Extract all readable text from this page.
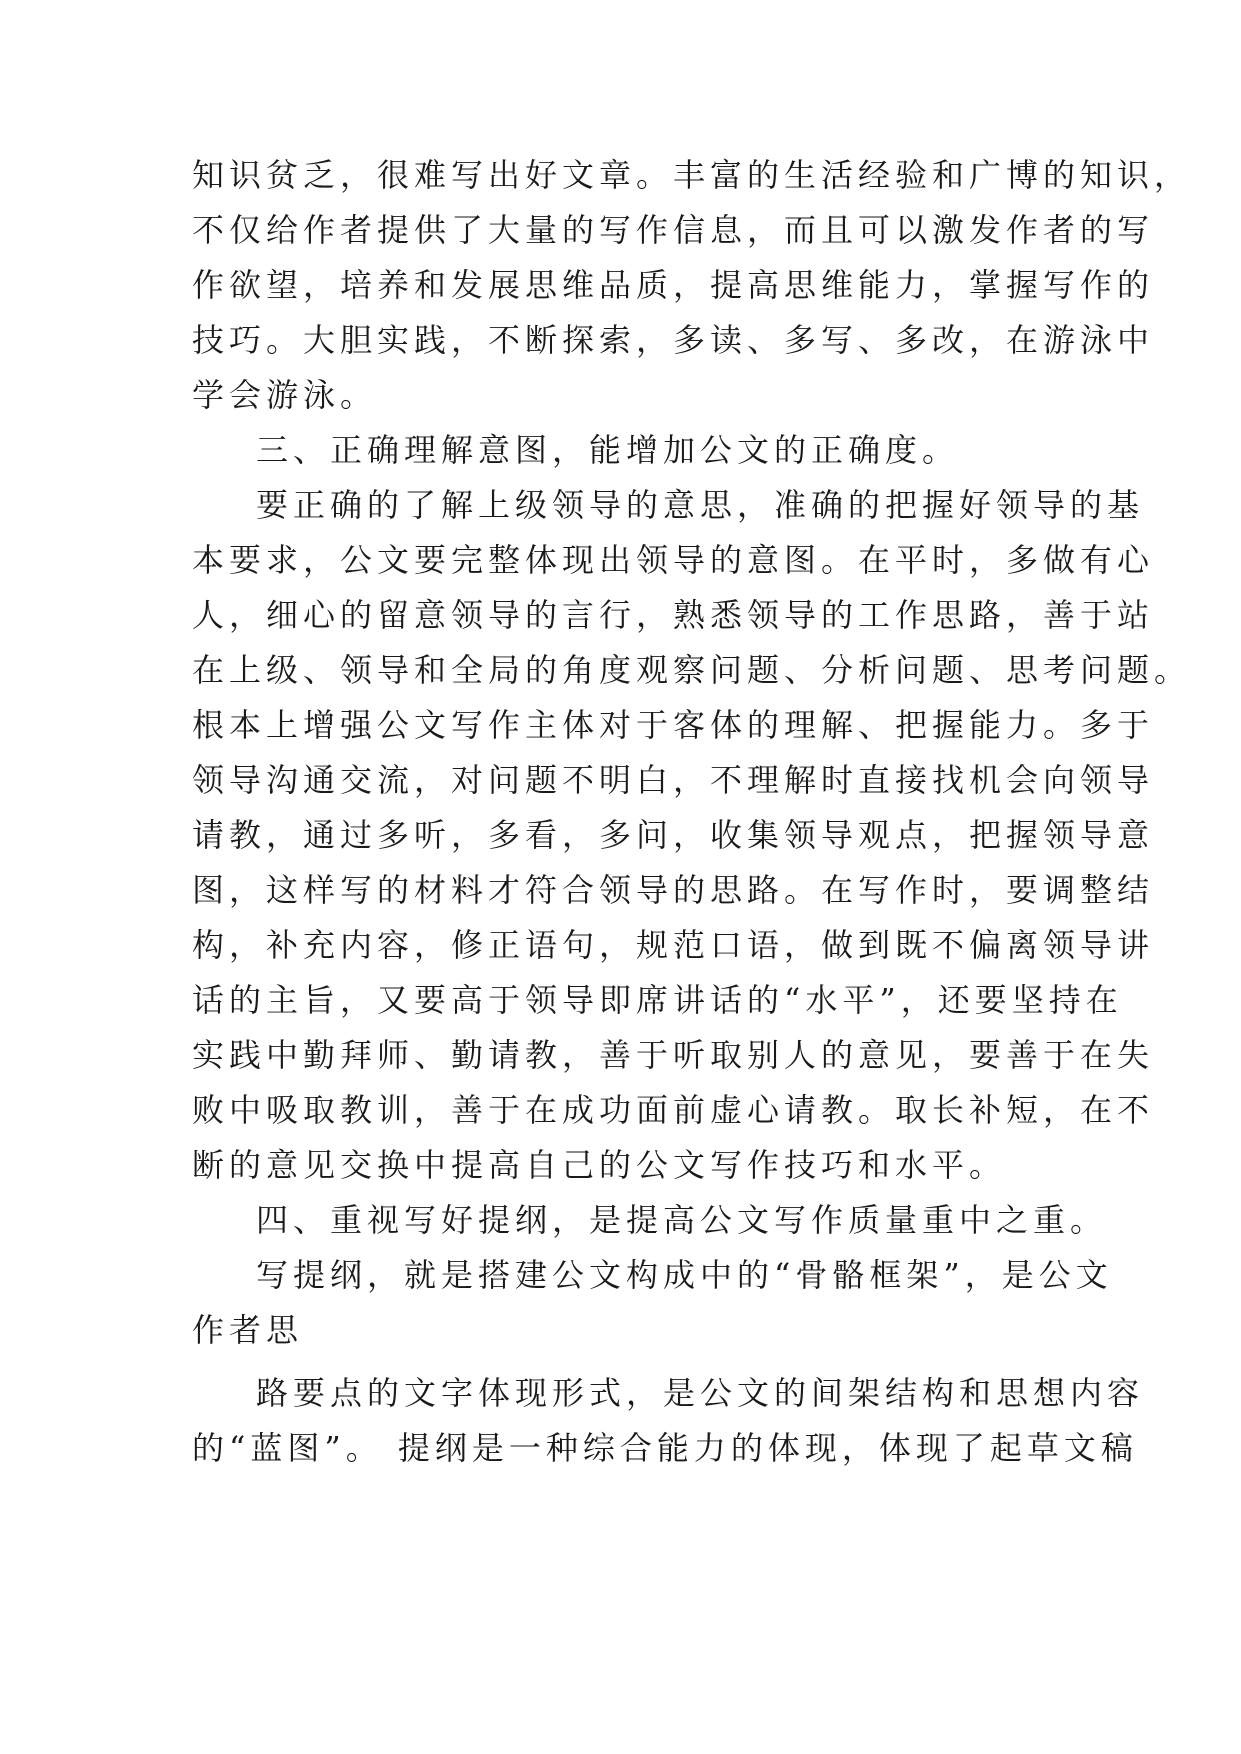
知识贫乏，很难写出好文章。丰富的生活经验和广博的知识，
不仅给作者提供了大量的写作信息，而且可以激发作者的写
作欲望，培养和发展思维品质，提高思维能力，掌握写作的
技巧。大胆实践，不断探索，多读、多写、多改，在游泳中
学会游泳。
三、正确理解意图，能增加公文的正确度。
要正确的了解上级领导的意思，准确的把握好领导的基
本要求，公文要完整体现出领导的意图。在平时，多做有心
人，细心的留意领导的言行，熟悉领导的工作思路，善于站
在上级、领导和全局的角度观察问题、分析问题、思考问题。
根本上增强公文写作主体对于客体的理解、把握能力。多于
领导沟通交流，对问题不明白，不理解时直接找机会向领导
请教，通过多听，多看，多问，收集领导观点，把握领导意
图，这样写的材料才符合领导的思路。在写作时，要调整结
构，补充内容，修正语句，规范口语，做到既不偏离领导讲
话的主旨，又要高于领导即席讲话的“水平”，还要坚持在
实践中勤拜师、勤请教，善于听取别人的意见，要善于在失
败中吸取教训，善于在成功面前虚心请教。取长补短，在不
断的意见交换中提高自己的公文写作技巧和水平。
四、重视写好提纲，是提高公文写作质量重中之重。
写提纲，就是搭建公文构成中的“骨骼框架”，是公文
作者思
路要点的文字体现形式，是公文的间架结构和思想内容
的“蓝图”。 提纲是一种综合能力的体现，体现了起草文稿
